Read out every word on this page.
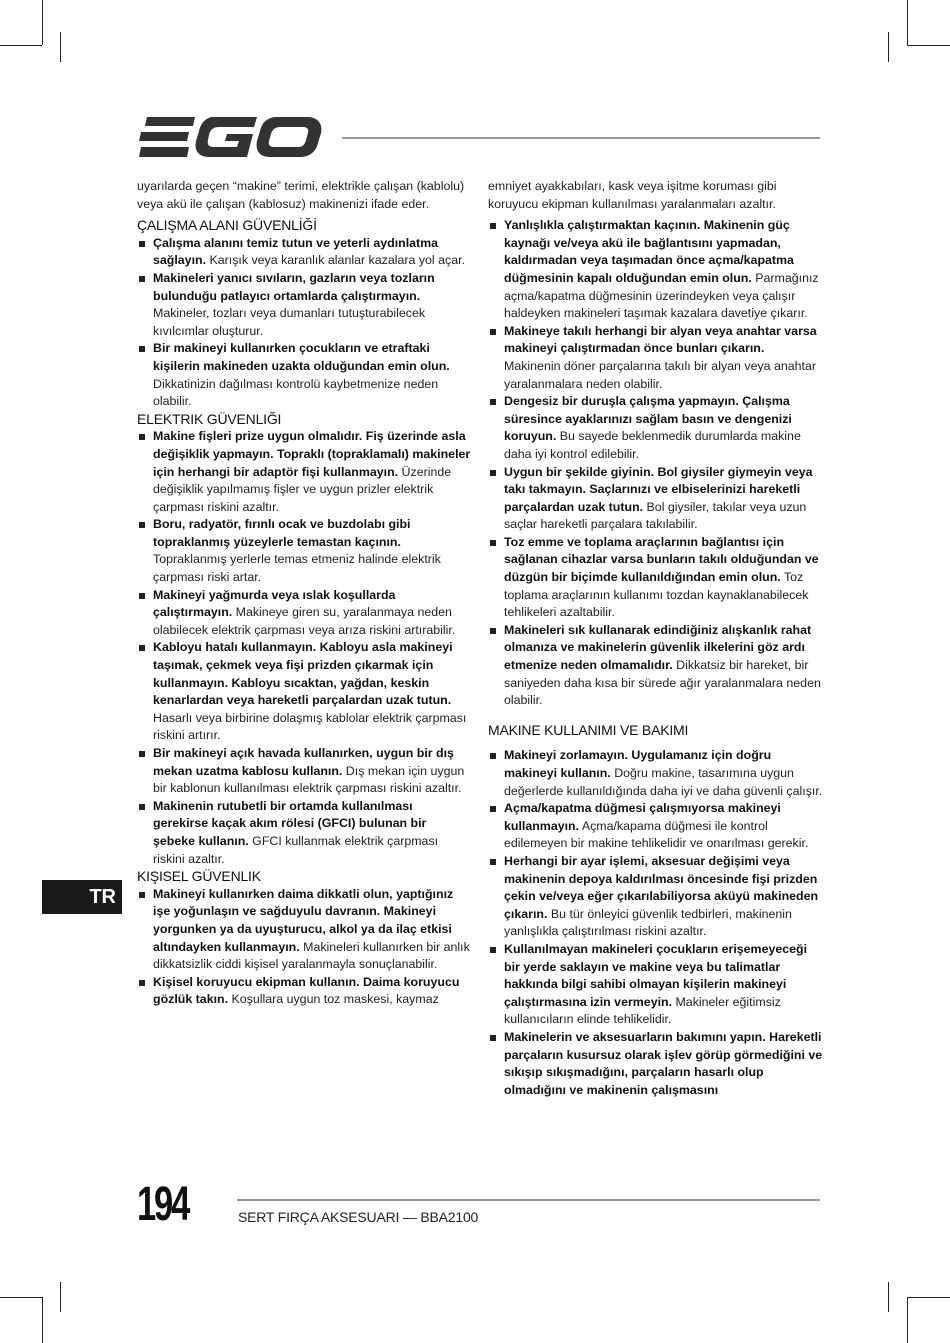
uyarılarda geçen “makine” terimi, elektrikle çalışan (kablolu) veya akü ile çalışan (kablosuz) makinenizi ifade eder.

ÇALIŞMA ALANI GÜVENLİĞİ

Çalışma alanını temiz tutun ve yeterli aydınlatma sağlayın. Karışık veya karanlık alanlar kazalara yol açar.

Makineleri yanıcı sıvıların, gazların veya tozların bulunduğu patlayıcı ortamlarda çalıştırmayın. Makineler, tozları veya dumanları tutuşturabilecek kıvılcımlar oluşturur.

Bir makineyi kullanırken çocukların ve etraftaki kişilerin makineden uzakta olduğundan emin olun. Dikkatinizin dağılması kontrolü kaybetmenize neden olabilir.

ELEKTRIK GÜVENLIĞI

Makine fişleri prize uygun olmalıdır. Fiş üzerinde asla değişiklik yapmayın. Topraklı (topraklamalı) makineler için herhangi bir adaptör fişi kullanmayın. Üzerinde değişiklik yapılmamış fişler ve uygun prizler elektrik çarpması riskini azaltır.

Boru, radyatör, fırınlı ocak ve buzdolabı gibi topraklanmış yüzeylerle temastan kaçının. Topraklanmış yerlerle temas etmeniz halinde elektrik çarpması riski artar.

Makineyi yağmurda veya ıslak koşullarda çalıştırmayın. Makineye giren su, yaralanmaya neden olabilecek elektrik çarpması veya arıza riskini artırabilir.

Kabloyu hatalı kullanmayın. Kabloyu asla makineyi taşımak, çekmek veya fişi prizden çıkarmak için kullanmayın. Kabloyu sıcaktan, yağdan, keskin kenarlardan veya hareketli parçalardan uzak tutun. Hasarlı veya birbirine dolaşmış kablolar elektrik çarpması riskini artırır.

Bir makineyi açık havada kullanırken, uygun bir dış mekan uzatma kablosu kullanın. Dış mekan için uygun bir kablonun kullanılması elektrik çarpması riskini azaltır.

Makinenin rutubetli bir ortamda kullanılması gerekirse kaçak akım rölesi (GFCI) bulunan bir şebeke kullanın. GFCI kullanmak elektrik çarpması riskini azaltır.

KIŞISEL GÜVENLIK

Makineyi kullanırken daima dikkatli olun, yaptığınız işe yoğunlaşın ve sağduyulu davranın. Makineyi yorgunken ya da uyuşturucu, alkol ya da ilaç etkisi altındayken kullanmayın. Makineleri kullanırken bir anlık dikkatsizlik ciddi kişisel yaralanmayla sonuçlanabilir.

Kişisel koruyucu ekipman kullanın. Daima koruyucu gözlük takın. Koşullara uygun toz maskesi, kaymaz

emniyet ayakkabıları, kask veya işitme koruması gibi koruyucu ekipman kullanılması yaralanmaları azaltır.

Yanlışlıkla çalıştırmaktan kaçının. Makinenin güç kaynağı ve/veya akü ile bağlantısını yapmadan, kaldırmadan veya taşımadan önce açma/kapatma düğmesinin kapalı olduğundan emin olun. Parmağınız açma/kapatma düğmesinin üzerindeyken veya çalışır haldeyken makineleri taşımak kazalara davetiye çıkarır.

Makineye takılı herhangi bir alyan veya anahtar varsa makineyi çalıştırmadan önce bunları çıkarın. Makinenin döner parçalarına takılı bir alyan veya anahtar yaralanmalara neden olabilir.

Dengesiz bir duruşla çalışma yapmayın. Çalışma süresince ayaklarınızı sağlam basın ve dengenizi koruyun. Bu sayede beklenmedik durumlarda makine daha iyi kontrol edilebilir.

Uygun bir şekilde giyinin. Bol giysiler giymeyin veya takı takmayın. Saçlarınızı ve elbiselerinizi hareketli parçalardan uzak tutun. Bol giysiler, takılar veya uzun saçlar hareketli parçalara takılabilir.

Toz emme ve toplama araçlarının bağlantısı için sağlanan cihazlar varsa bunların takılı olduğundan ve düzgün bir biçimde kullanıldığından emin olun. Toz toplama araçlarının kullanımı tozdan kaynaklanabilecek tehlikeleri azaltabilir.

Makineleri sık kullanarak edindiğiniz alışkanlık rahat olmanıza ve makinelerin güvenlik ilkelerini göz ardı etmenize neden olmamalıdır. Dikkatsiz bir hareket, bir saniyeden daha kısa bir sürede ağır yaralanmalara neden olabilir.

MAKINE KULLANIMI VE BAKIMI

Makineyi zorlamayın. Uygulamanız için doğru makineyi kullanın. Doğru makine, tasarımına uygun değerlerde kullanıldığında daha iyi ve daha güvenli çalışır.

Açma/kapatma düğmesi çalışmıyorsa makineyi kullanmayın. Açma/kapama düğmesi ile kontrol edilemeyen bir makine tehlikelidir ve onarılması gerekir.

Herhangi bir ayar işlemi, aksesuar değişimi veya makinenin depoya kaldırılması öncesinde fişi prizden çekin ve/veya eğer çıkarılabiliyorsa aküyü makineden çıkarın. Bu tür önleyici güvenlik tedbirleri, makinenin yanlışlıkla çalıştırılması riskini azaltır.

Kullanılmayan makineleri çocukların erişemeyeceği bir yerde saklayın ve makine veya bu talimatlar hakkında bilgi sahibi olmayan kişilerin makineyi çalıştırmasına izin vermeyin. Makineler eğitimsiz kullanıcıların elinde tehlikelidir.

Makinelerin ve aksesuarların bakımını yapın. Hareketli parçaların kusursuz olarak işlev görüp görmediğini ve sıkışıp sıkışmadığını, parçaların hasarlı olup olmadığını ve makinenin çalışmasını

TR
194	SERT FIRÇA AKSESUARI — BBA2100
